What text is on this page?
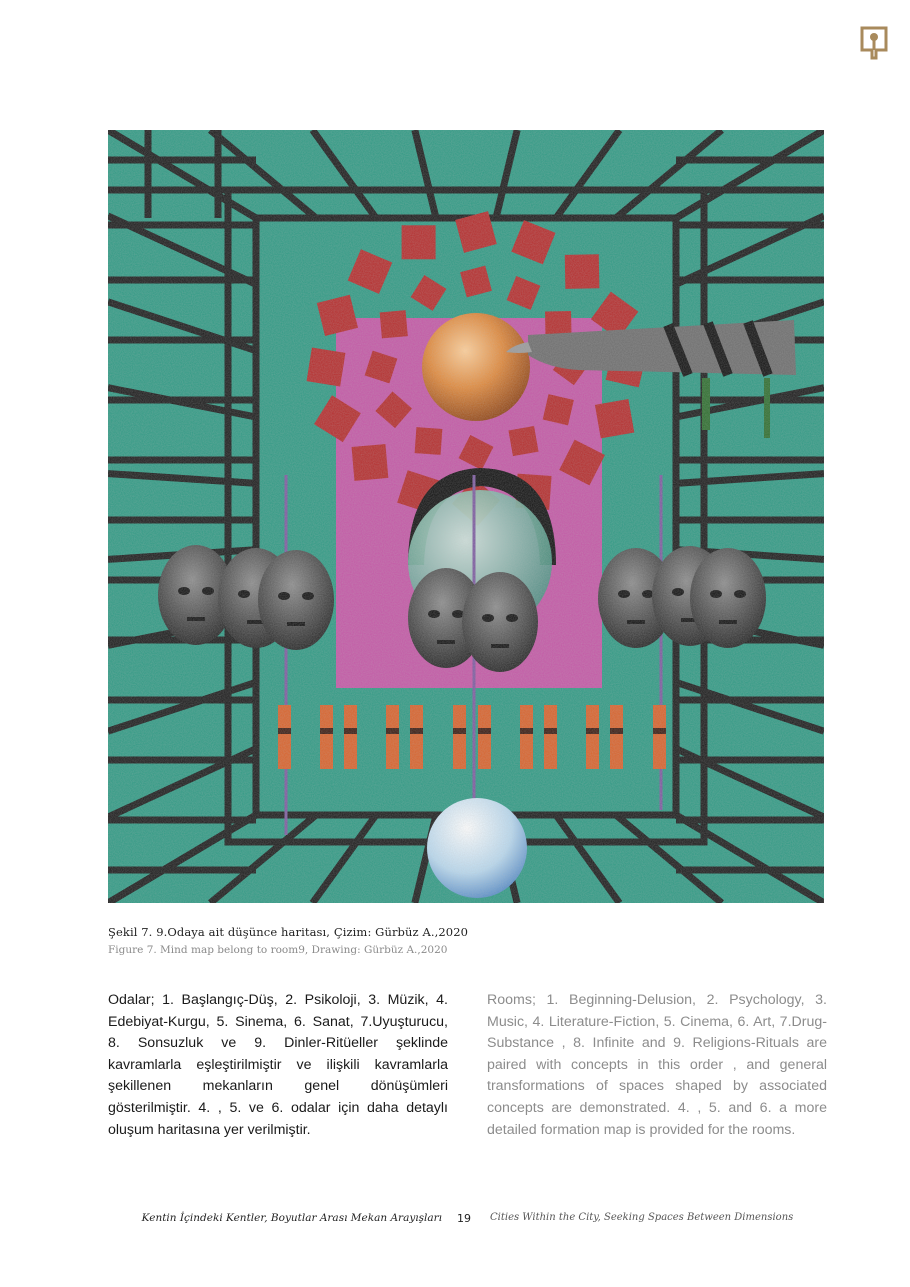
Şekil 7. 9.Odaya ait düşünce haritası, Çizim: Gürbüz A.,2020
Figure 7. Mind map belong to room9, Drawing: Gürbüz A.,2020
Odalar; 1. Başlangıç-Düş, 2. Psikoloji, 3. Müzik, 4. Edebiyat-Kurgu, 5. Sinema, 6. Sanat, 7.Uyuşturucu, 8. Sonsuzluk ve 9. Dinler-Ritüeller şeklinde kavramlarla eşleştirilmiştir ve ilişkili kavramlarla şekillenen mekanların genel dönüşümleri gösterilmiştir. 4. , 5. ve 6. odalar için daha detaylı oluşum haritasına yer verilmiştir.
Rooms; 1. Beginning-Delusion, 2. Psychology, 3. Music, 4. Literature-Fiction, 5. Cinema, 6. Art, 7.Drug-Substance , 8. Infinite and 9. Religions-Rituals are paired with concepts in this order , and general transformations of spaces shaped by associated concepts are demonstrated. 4. , 5. and 6. a more detailed formation map is provided for the rooms.
Kentin İçindeki Kentler, Boyutlar Arası Mekan Arayışları 19 Cities Within the City, Seeking Spaces Between Dimensions
